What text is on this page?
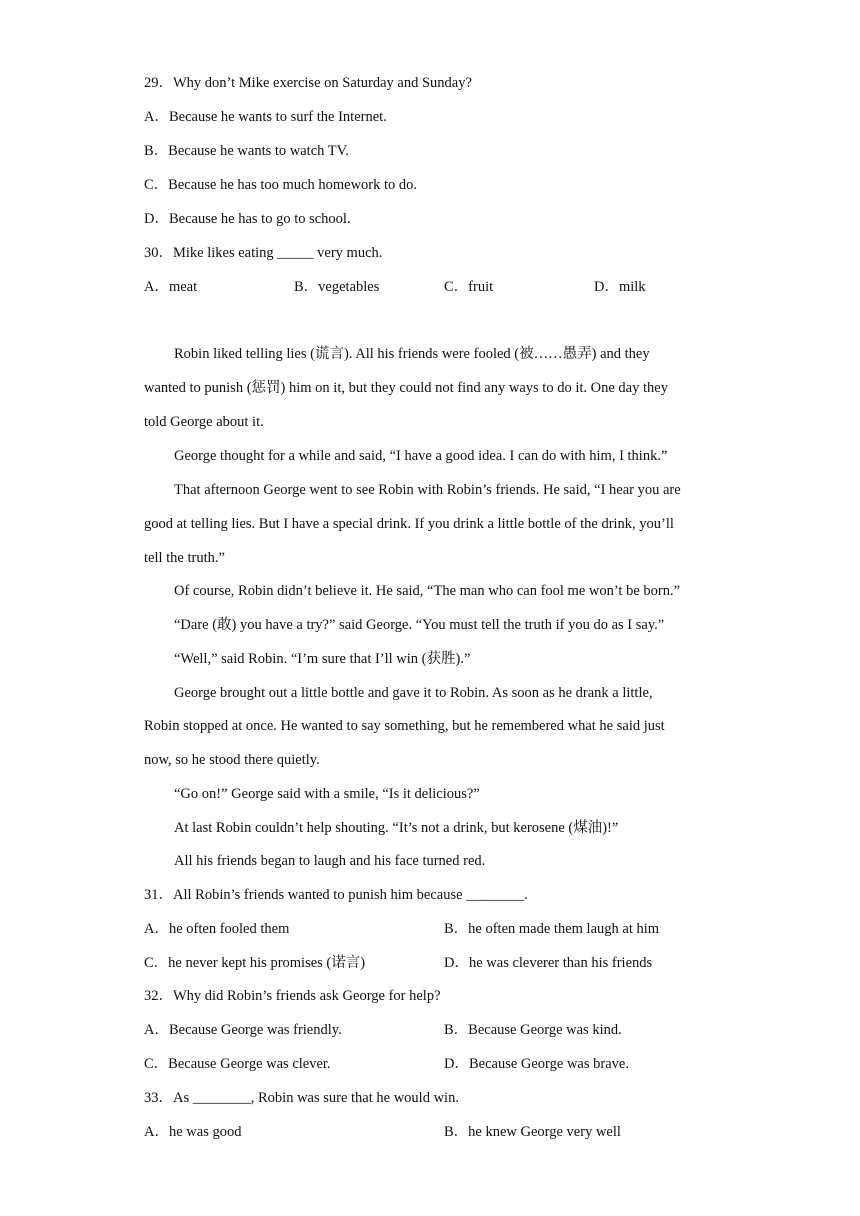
29．Why don’t Mike exercise on Saturday and Sunday?
A．Because he wants to surf the Internet.
B．Because he wants to watch TV.
C．Because he has too much homework to do.
D．Because he has to go to school.
30．Mike likes eating _____ very much.
A．meat	B．vegetables	C．fruit	D．milk
Robin liked telling lies (谎言). All his friends were fooled (被……愚弄) and they
wanted to punish (惩罚) him on it, but they could not find any ways to do it. One day they
told George about it.
George thought for a while and said, “I have a good idea. I can do with him, I think.”
That afternoon George went to see Robin with Robin’s friends. He said, “I hear you are
good at telling lies. But I have a special drink. If you drink a little bottle of the drink, you’ll
tell the truth.”
Of course, Robin didn’t believe it. He said, “The man who can fool me won’t be born.”
“Dare (敢) you have a try?” said George. “You must tell the truth if you do as I say.”
“Well,” said Robin. “I’m sure that I’ll win (获胜).”
George brought out a little bottle and gave it to Robin. As soon as he drank a little,
Robin stopped at once. He wanted to say something, but he remembered what he said just
now, so he stood there quietly.
“Go on!” George said with a smile, “Is it delicious?”
At last Robin couldn’t help shouting. “It’s not a drink, but kerosene (煤油)!”
All his friends began to laugh and his face turned red.
31．All Robin’s friends wanted to punish him because ________.
A．he often fooled them	B．he often made them laugh at him
C．he never kept his promises (诺言)	D．he was cleverer than his friends
32．Why did Robin’s friends ask George for help?
A．Because George was friendly.	B．Because George was kind.
C．Because George was clever.	D．Because George was brave.
33．As ________, Robin was sure that he would win.
A．he was good	B．he knew George very well
